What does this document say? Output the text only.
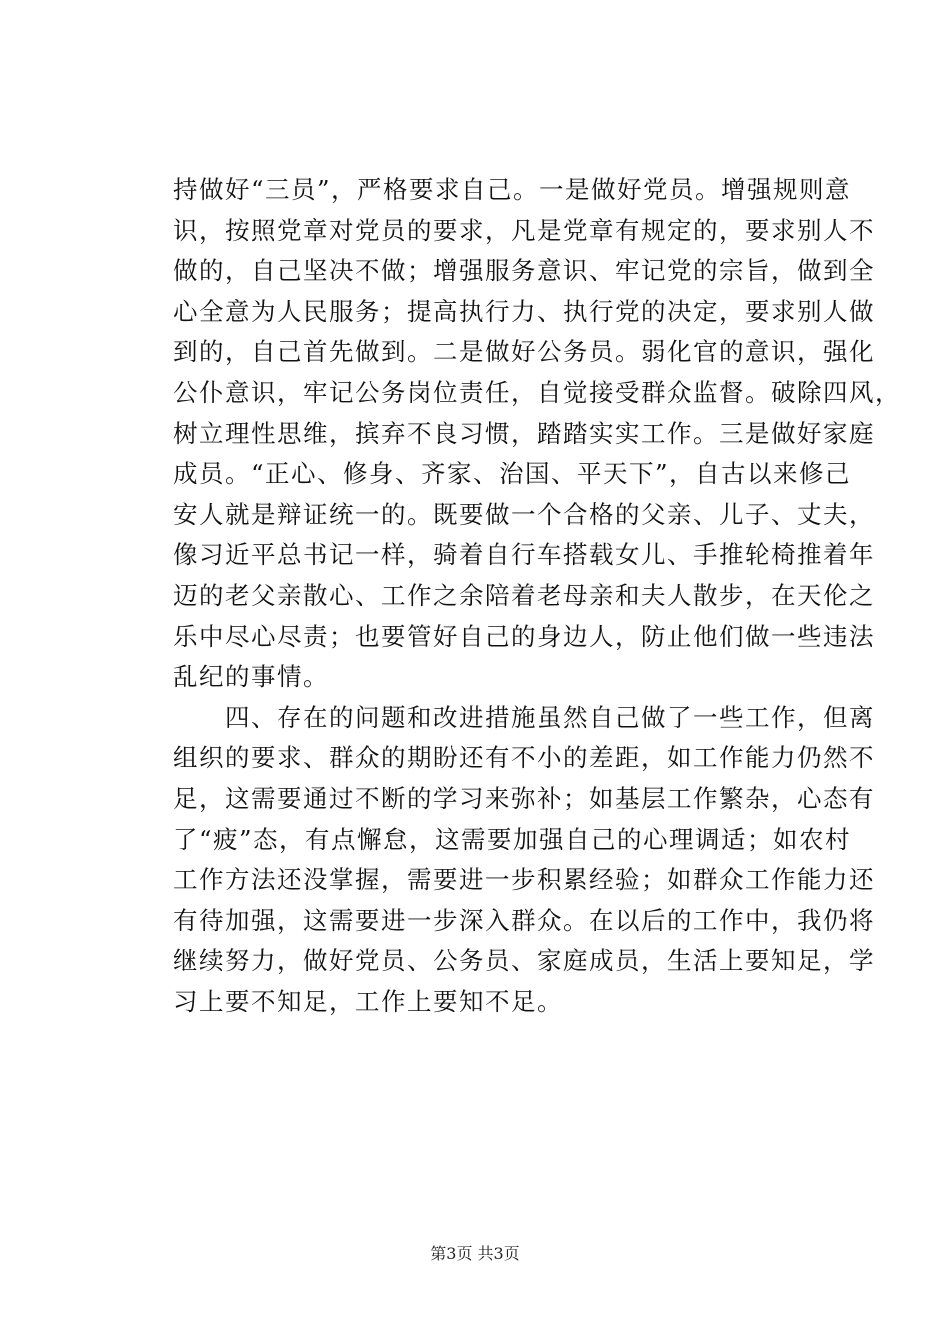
持做好“三员”，严格要求自己。一是做好党员。增强规则意
识，按照党章对党员的要求，凡是党章有规定的，要求别人不
做的，自己坚决不做；增强服务意识、牢记党的宗旨，做到全
心全意为人民服务；提高执行力、执行党的决定，要求别人做
到的，自己首先做到。二是做好公务员。弱化官的意识，强化
公仆意识，牢记公务岗位责任，自觉接受群众监督。破除四风，
树立理性思维，摈弃不良习惯，踏踏实实工作。三是做好家庭
成员。“正心、修身、齐家、治国、平天下”，自古以来修己
安人就是辩证统一的。既要做一个合格的父亲、儿子、丈夫，
像习近平总书记一样，骑着自行车搭载女儿、手推轮椅推着年
迈的老父亲散心、工作之余陪着老母亲和夫人散步，在天伦之
乐中尽心尽责；也要管好自己的身边人，防止他们做一些违法
乱纪的事情。
　　四、存在的问题和改进措施虽然自己做了一些工作，但离
组织的要求、群众的期盼还有不小的差距，如工作能力仍然不
足，这需要通过不断的学习来弥补；如基层工作繁杂，心态有
了“疲”态，有点懈怠，这需要加强自己的心理调适；如农村
工作方法还没掌握，需要进一步积累经验；如群众工作能力还
有待加强，这需要进一步深入群众。在以后的工作中，我仍将
继续努力，做好党员、公务员、家庭成员，生活上要知足，学
习上要不知足，工作上要知不足。
第3页 共3页
